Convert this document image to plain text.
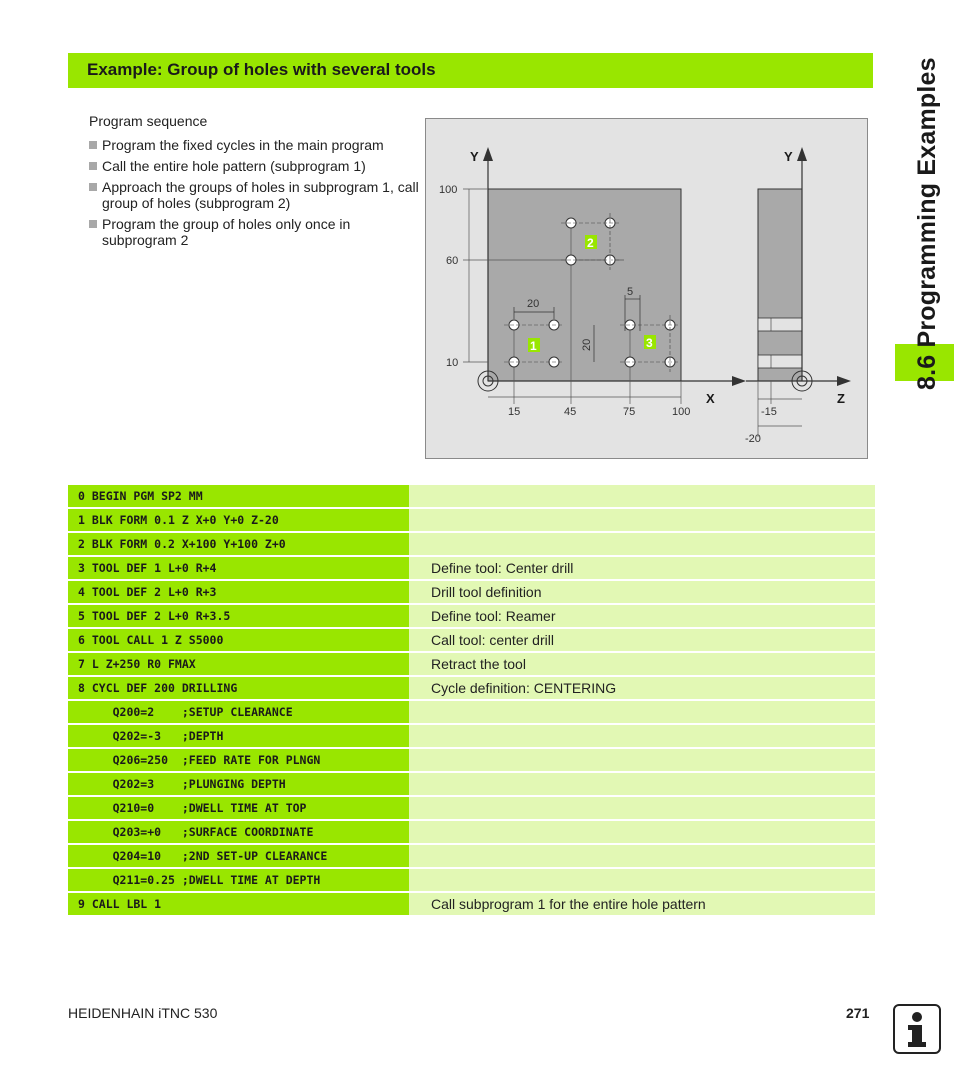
Example: Group of holes with several tools	8.6 Programming Examples
Program sequence
Program the fixed cycles in the main program
Call the entire hole pattern (subprogram 1)
Approach the groups of holes in subprogram 1, call group of holes (subprogram 2)
Program the group of holes only once in subprogram 2
Y
X
100
60
10
15	45	75	100
20
5
20
1
2
3
Y
Z
-15
-20
0 BEGIN PGM SP2 MM
1 BLK FORM 0.1 Z X+0 Y+0 Z-20
2 BLK FORM 0.2 X+100 Y+100 Z+0
3 TOOL DEF 1 L+0 R+4	Define tool: Center drill
4 TOOL DEF 2 L+0 R+3	Drill tool definition
5 TOOL DEF 2 L+0 R+3.5	Define tool: Reamer
6 TOOL CALL 1 Z S5000	Call tool: center drill
7 L Z+250 R0 FMAX	Retract the tool
8 CYCL DEF 200 DRILLING	Cycle definition: CENTERING
Q200=2    ;SETUP CLEARANCE
Q202=-3   ;DEPTH
Q206=250  ;FEED RATE FOR PLNGN
Q202=3    ;PLUNGING DEPTH
Q210=0    ;DWELL TIME AT TOP
Q203=+0   ;SURFACE COORDINATE
Q204=10   ;2ND SET-UP CLEARANCE
Q211=0.25 ;DWELL TIME AT DEPTH
9 CALL LBL 1	Call subprogram 1 for the entire hole pattern
HEIDENHAIN iTNC 530	271
